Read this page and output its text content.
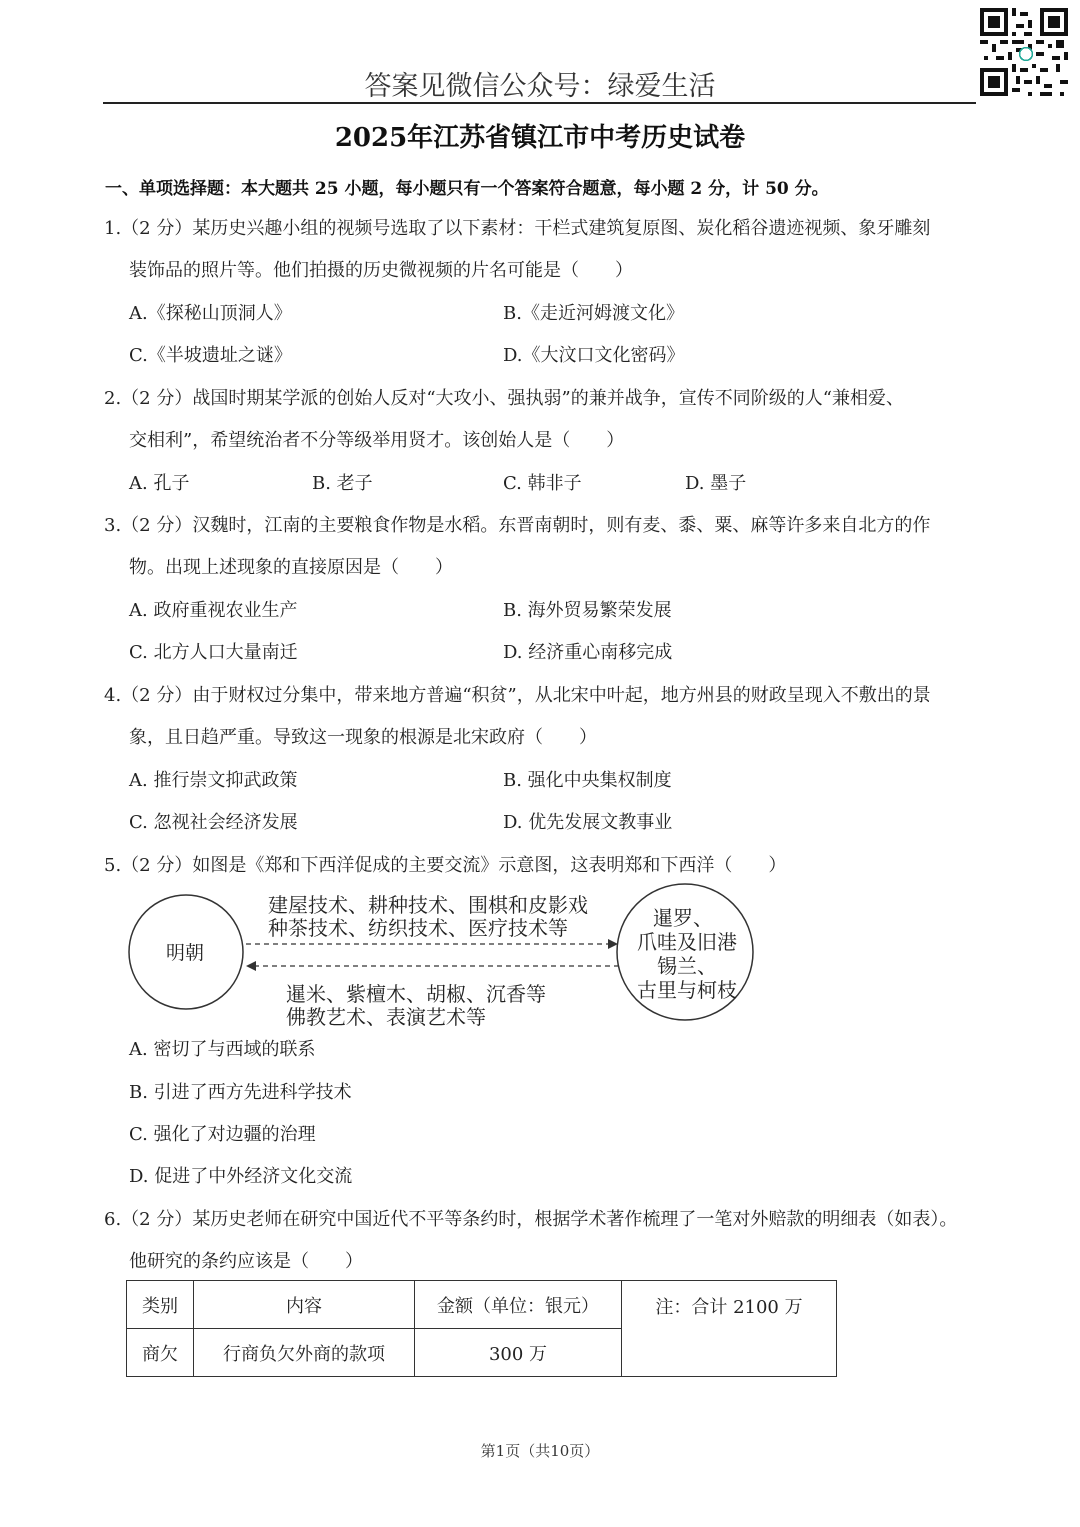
答案见微信公众号：绿爱生活
2025年江苏省镇江市中考历史试卷
一、单项选择题：本大题共 25 小题，每小题只有一个答案符合题意，每小题 2 分，计 50 分。
1.（2 分）某历史兴趣小组的视频号选取了以下素材：干栏式建筑复原图、炭化稻谷遗迹视频、象牙雕刻
装饰品的照片等。他们拍摄的历史微视频的片名可能是（　　）
A.《探秘山顶洞人》	B.《走近河姆渡文化》
C.《半坡遗址之谜》	D.《大汶口文化密码》
2.（2 分）战国时期某学派的创始人反对“大攻小、强执弱”的兼并战争，宣传不同阶级的人“兼相爱、
交相利”，希望统治者不分等级举用贤才。该创始人是（　　）
A. 孔子	B. 老子	C. 韩非子	D. 墨子
3.（2 分）汉魏时，江南的主要粮食作物是水稻。东晋南朝时，则有麦、黍、粟、麻等许多来自北方的作
物。出现上述现象的直接原因是（　　）
A. 政府重视农业生产	B. 海外贸易繁荣发展
C. 北方人口大量南迁	D. 经济重心南移完成
4.（2 分）由于财权过分集中，带来地方普遍“积贫”，从北宋中叶起，地方州县的财政呈现入不敷出的景
象，且日趋严重。导致这一现象的根源是北宋政府（　　）
A. 推行崇文抑武政策	B. 强化中央集权制度
C. 忽视社会经济发展	D. 优先发展文教事业
5.（2 分）如图是《郑和下西洋促成的主要交流》示意图，这表明郑和下西洋（　　）
明朝
建屋技术、耕种技术、围棋和皮影戏
种茶技术、纺织技术、医疗技术等
暹米、紫檀木、胡椒、沉香等
佛教艺术、表演艺术等
暹罗、
爪哇及旧港
锡兰、
古里与柯枝
A. 密切了与西域的联系
B. 引进了西方先进科学技术
C. 强化了对边疆的治理
D. 促进了中外经济文化交流
6.（2 分）某历史老师在研究中国近代不平等条约时，根据学术著作梳理了一笔对外赔款的明细表（如表）。
他研究的条约应该是（　　）
类别	内容	金额（单位：银元）	注：合计 2100 万
商欠	行商负欠外商的款项	300 万	
第1页（共10页）
